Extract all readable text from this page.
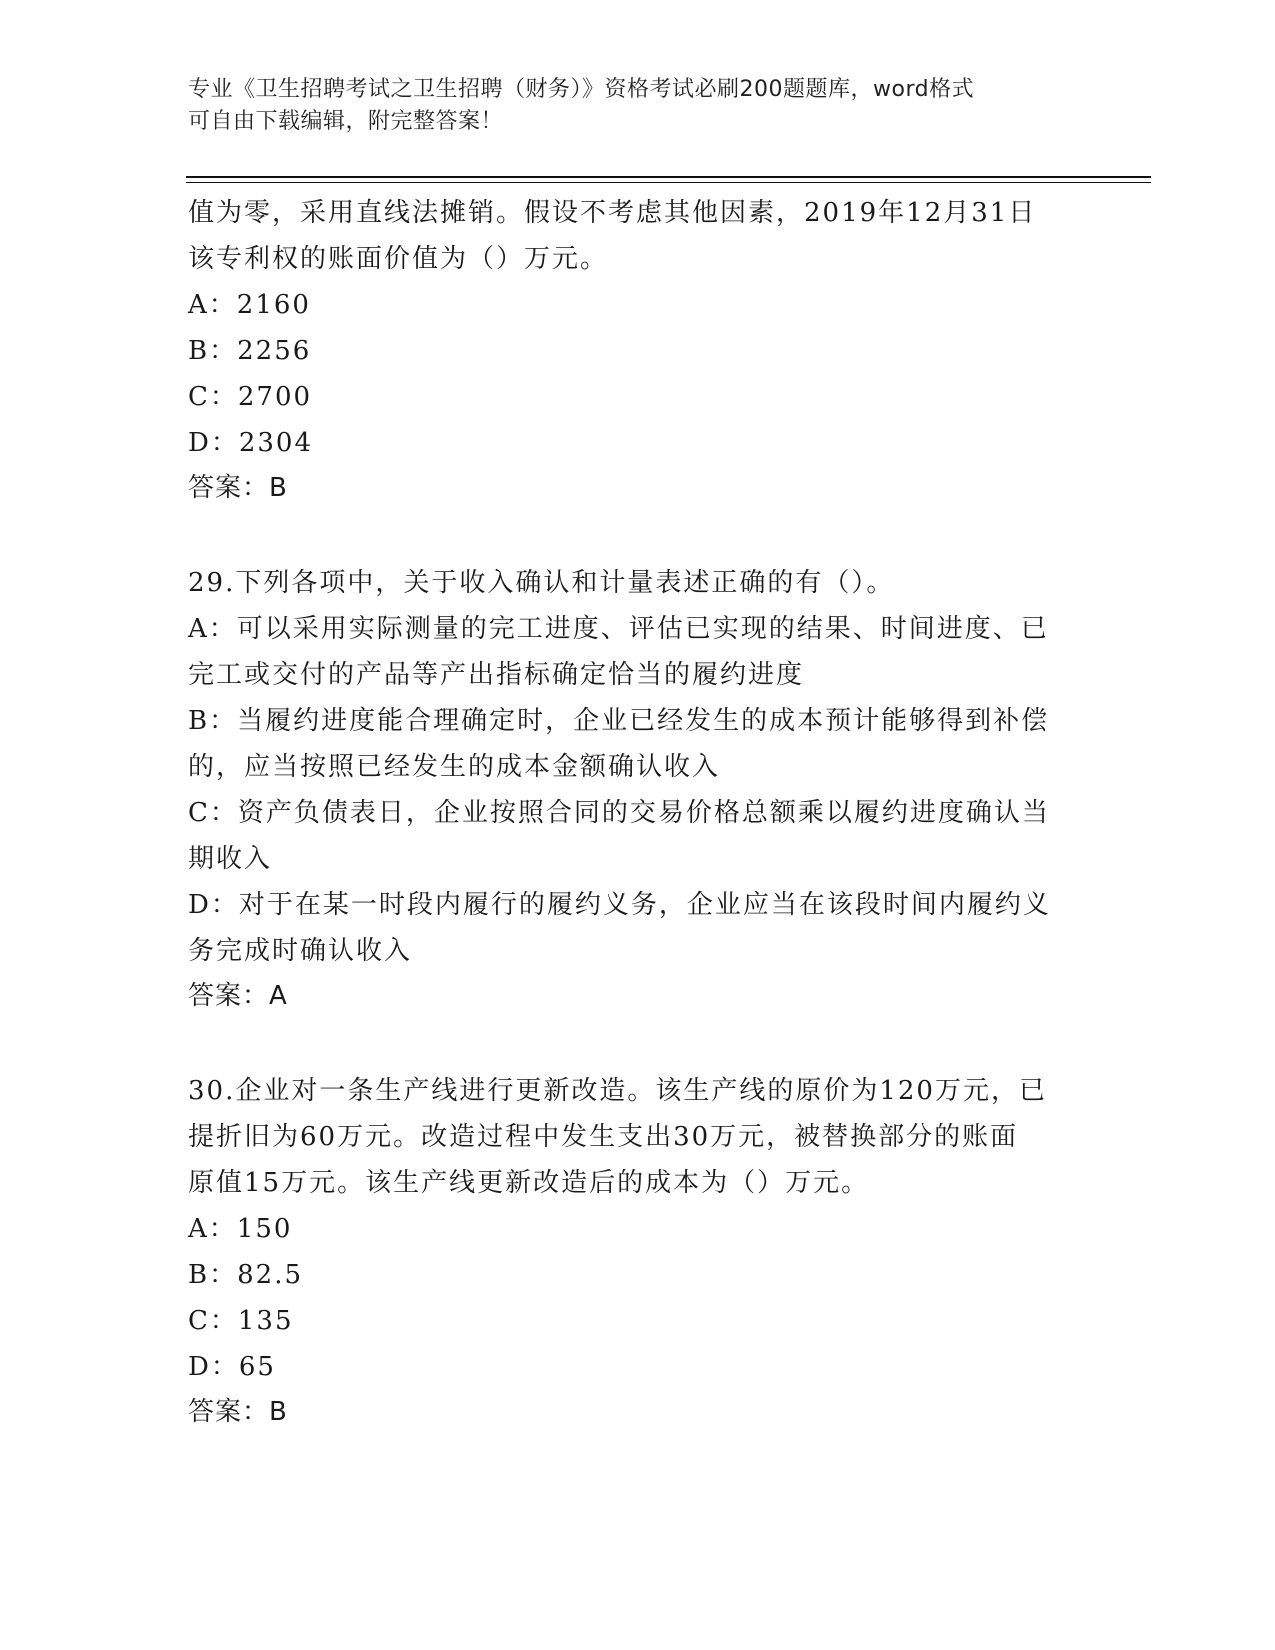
专业《卫生招聘考试之卫生招聘（财务）》资格考试必刷200题题库，word格式
可自由下载编辑，附完整答案！
值为零，采用直线法摊销。假设不考虑其他因素，2019年12月31日
该专利权的账面价值为（）万元。
A：2160
B：2256
C：2700
D：2304
答案：B
29.下列各项中，关于收入确认和计量表述正确的有（）。
A：可以采用实际测量的完工进度、评估已实现的结果、时间进度、已
完工或交付的产品等产出指标确定恰当的履约进度
B：当履约进度能合理确定时，企业已经发生的成本预计能够得到补偿
的，应当按照已经发生的成本金额确认收入
C：资产负债表日，企业按照合同的交易价格总额乘以履约进度确认当
期收入
D：对于在某一时段内履行的履约义务，企业应当在该段时间内履约义
务完成时确认收入
答案：A
30.企业对一条生产线进行更新改造。该生产线的原价为120万元，已
提折旧为60万元。改造过程中发生支出30万元，被替换部分的账面
原值15万元。该生产线更新改造后的成本为（）万元。
A：150
B：82.5
C：135
D：65
答案：B
